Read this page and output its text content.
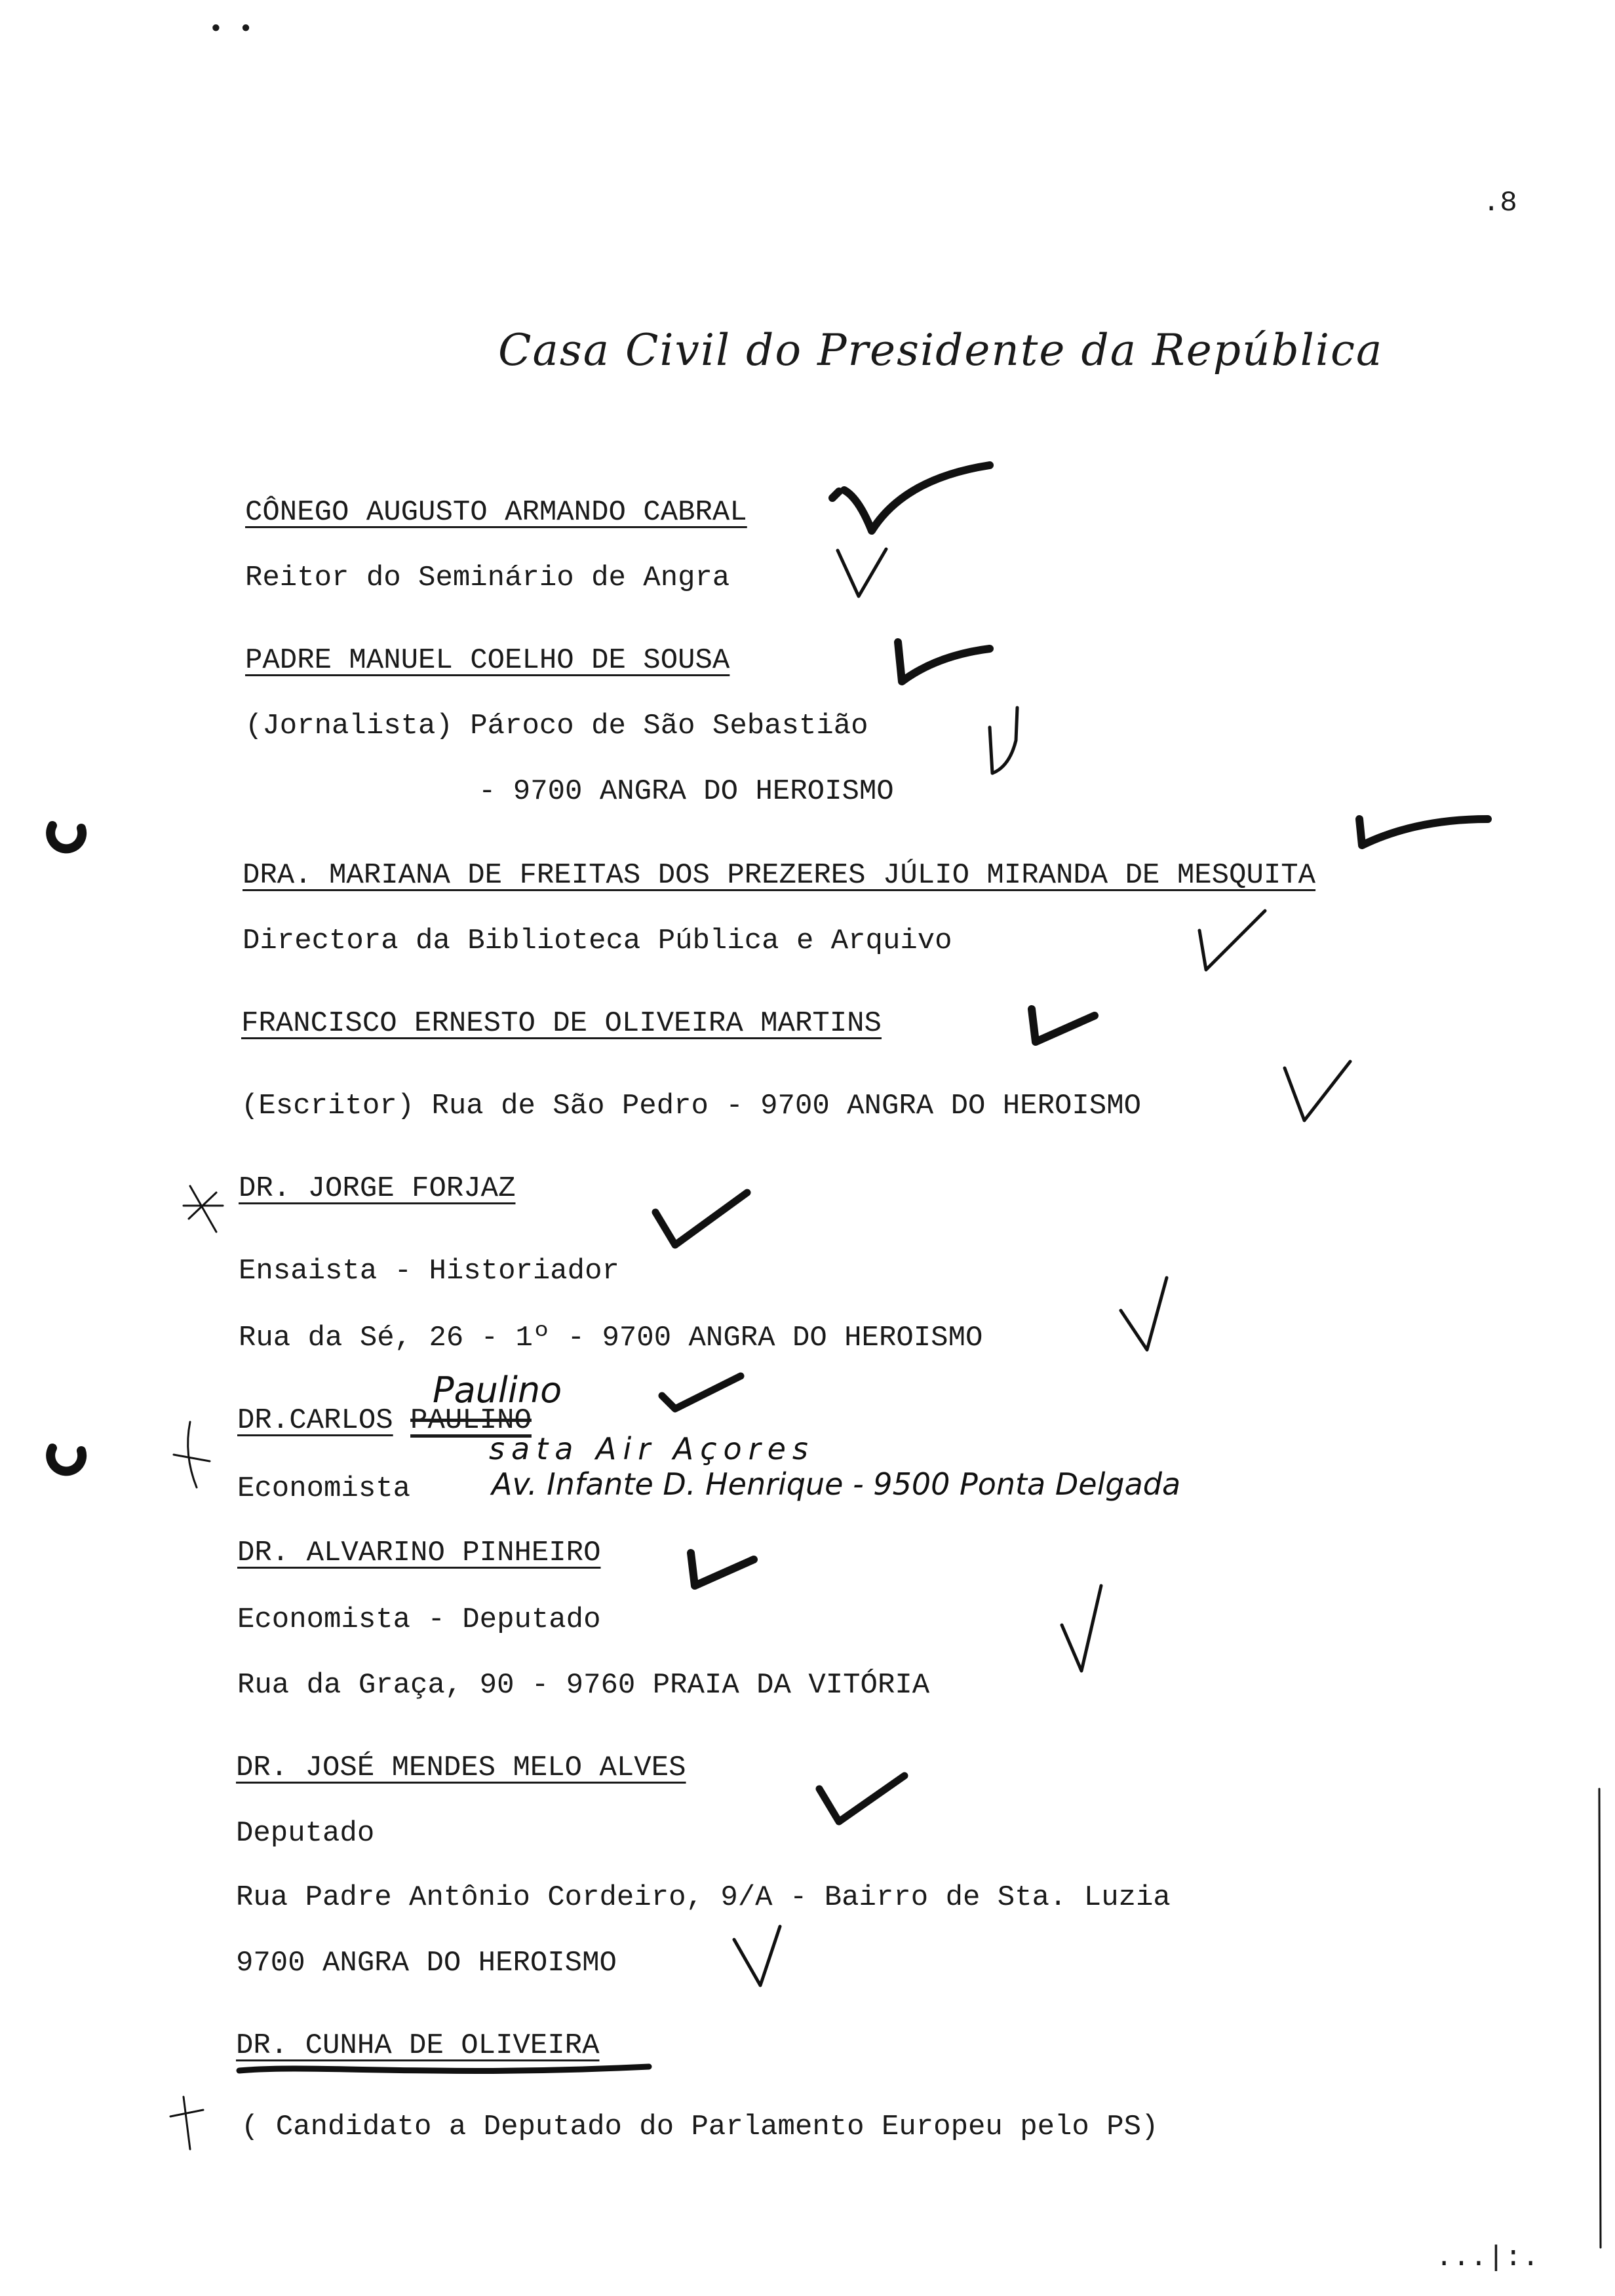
• •
.8
Casa Civil do Presidente da República
CÔNEGO AUGUSTO ARMANDO CABRAL
Reitor do Seminário de Angra
PADRE MANUEL COELHO DE SOUSA
(Jornalista) Pároco de São Sebastião
- 9700 ANGRA DO HEROISMO
DRA. MARIANA DE FREITAS DOS PREZERES JÚLIO MIRANDA DE MESQUITA
Directora da Biblioteca Pública e Arquivo
FRANCISCO ERNESTO DE OLIVEIRA MARTINS
(Escritor) Rua de São Pedro - 9700 ANGRA DO HEROISMO
DR. JORGE FORJAZ
Ensaista - Historiador
Rua da Sé, 26 - 1º - 9700 ANGRA DO HEROISMO
DR.CARLOS PAULINO
Economista
DR. ALVARINO PINHEIRO
Economista - Deputado
Rua da Graça, 90 - 9760 PRAIA DA VITÓRIA
DR. JOSÉ MENDES MELO ALVES
Deputado
Rua Padre Antônio Cordeiro, 9/A - Bairro de Sta. Luzia
9700 ANGRA DO HEROISMO
DR. CUNHA DE OLIVEIRA
( Candidato a Deputado do Parlamento Europeu pelo PS)
Paulino
sata Air Açores
Av. Infante D. Henrique - 9500 Ponta Delgada
...|:.
